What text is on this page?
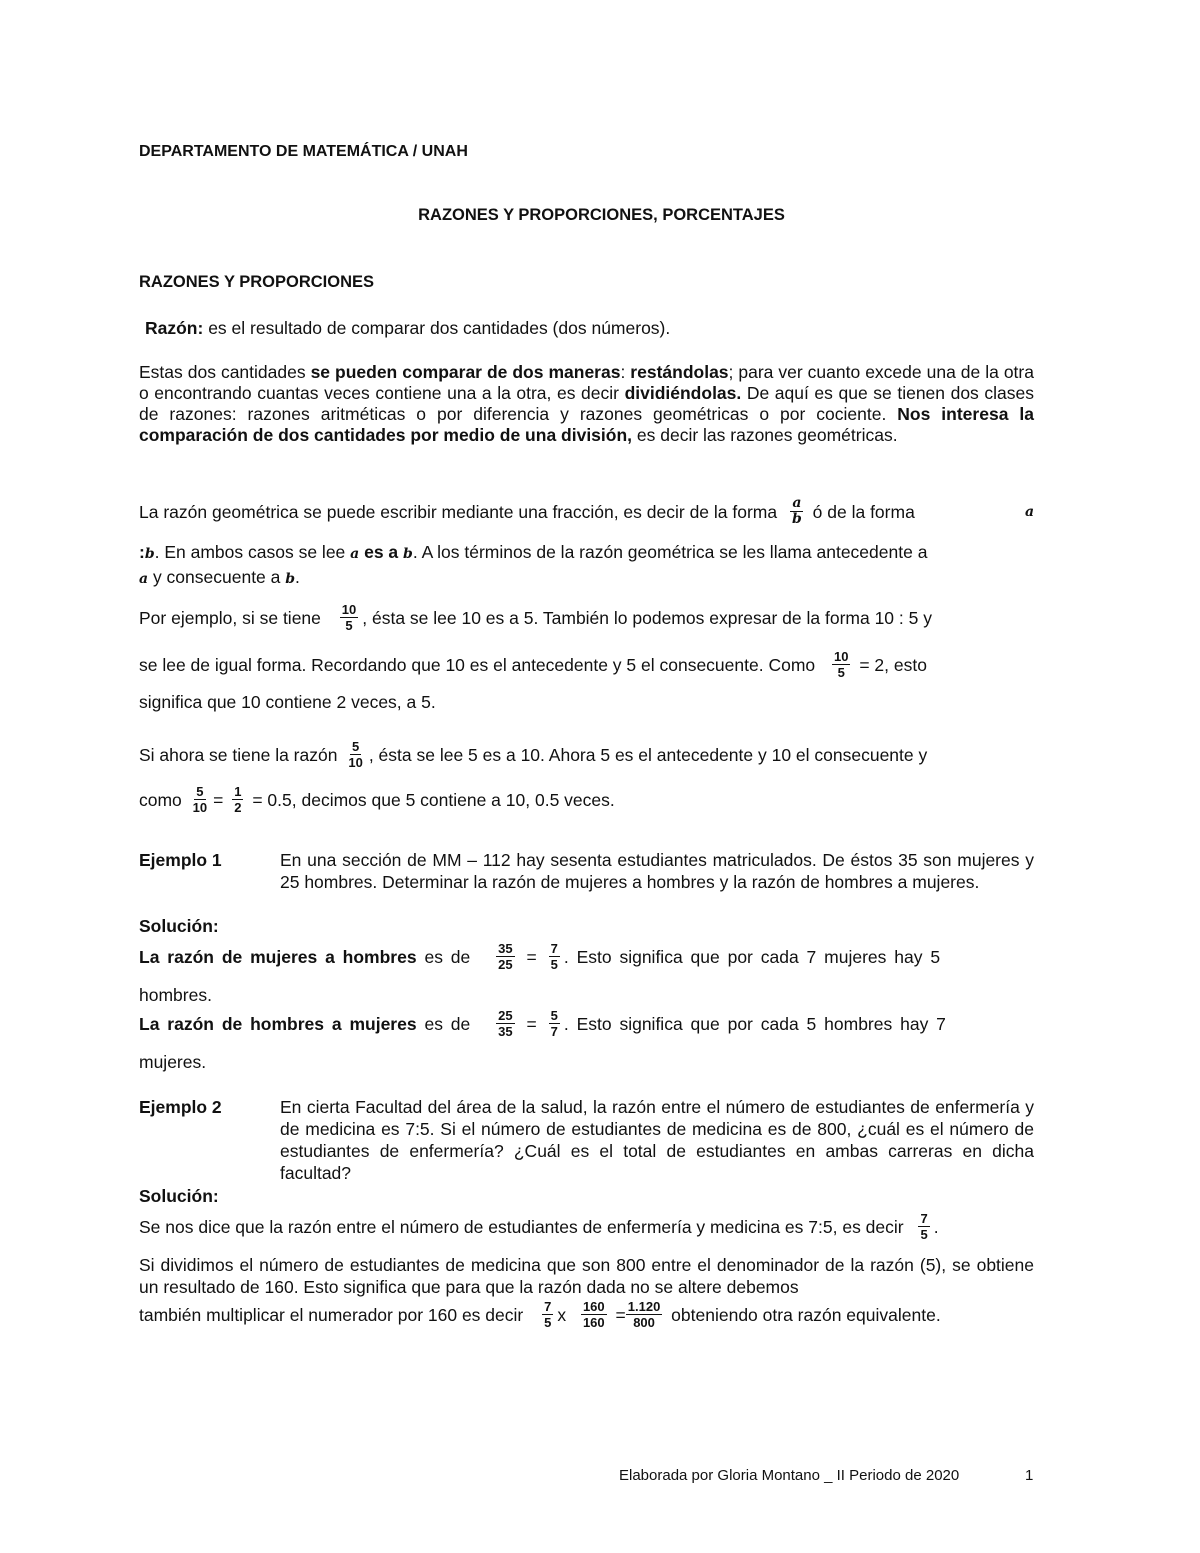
DEPARTAMENTO DE MATEMÁTICA / UNAH
RAZONES Y PROPORCIONES, PORCENTAJES
RAZONES Y PROPORCIONES
Razón: es el resultado de comparar dos cantidades (dos números).
Estas dos cantidades se pueden comparar de dos maneras: restándolas; para ver cuanto excede una de la otra o encontrando cuantas veces contiene una a la otra, es decir dividiéndolas. De aquí es que se tienen dos clases de razones: razones aritméticas o por diferencia y razones geométricas o por cociente. Nos interesa la comparación de dos cantidades por medio de una división, es decir las razones geométricas.
La razón geométrica se puede escribir mediante una fracción, es decir de la forma $\frac{a}{b}$ ó de la forma	a
:b. En ambos casos se lee a es a b. A los términos de la razón geométrica se les llama antecedente a
a y consecuente a b.
Por ejemplo, si se tiene $\frac{10}{5}$ , ésta se lee 10 es a 5. También lo podemos expresar de la forma 10 : 5 y
se lee de igual forma. Recordando que 10 es el antecedente y 5 el consecuente. Como $\frac{10}{5} = 2$, esto
significa que 10 contiene 2 veces, a 5.
Si ahora se tiene la razón $\frac{5}{10}$ , ésta se lee 5 es a 10. Ahora 5 es el antecedente y 10 el consecuente y
como $\frac{5}{10} = \frac{1}{2} = 0.5$, decimos que 5 contiene a 10, 0.5 veces.
Ejemplo 1	En una sección de MM – 112 hay sesenta estudiantes matriculados. De éstos 35 son mujeres y 25 hombres. Determinar la razón de mujeres a hombres y la razón de hombres a mujeres.
Solución:
La razón de mujeres a hombres es de $\frac{35}{25} = \frac{7}{5}$ . Esto significa que por cada 7 mujeres hay 5
hombres.
La razón de hombres a mujeres es de $\frac{25}{35} = \frac{5}{7}$ . Esto significa que por cada 5 hombres hay 7
mujeres.
Ejemplo 2	En cierta Facultad del área de la salud, la razón entre el número de estudiantes de enfermería y de medicina es 7:5. Si el número de estudiantes de medicina es de 800, ¿cuál es el número de estudiantes de enfermería? ¿Cuál es el total de estudiantes en ambas carreras en dicha facultad?
Solución:
Se nos dice que la razón entre el número de estudiantes de enfermería y medicina es 7:5, es decir $\frac{7}{5}$ .
Si dividimos el número de estudiantes de medicina que son 800 entre el denominador de la razón (5), se obtiene un resultado de 160. Esto significa que para que la razón dada no se altere debemos
también multiplicar el numerador por 160 es decir $\frac{7}{5}$ x $\frac{160}{160} = \frac{1.120}{800}$ obteniendo otra razón equivalente.
Elaborada por Gloria Montano _ II Periodo de 2020	1
